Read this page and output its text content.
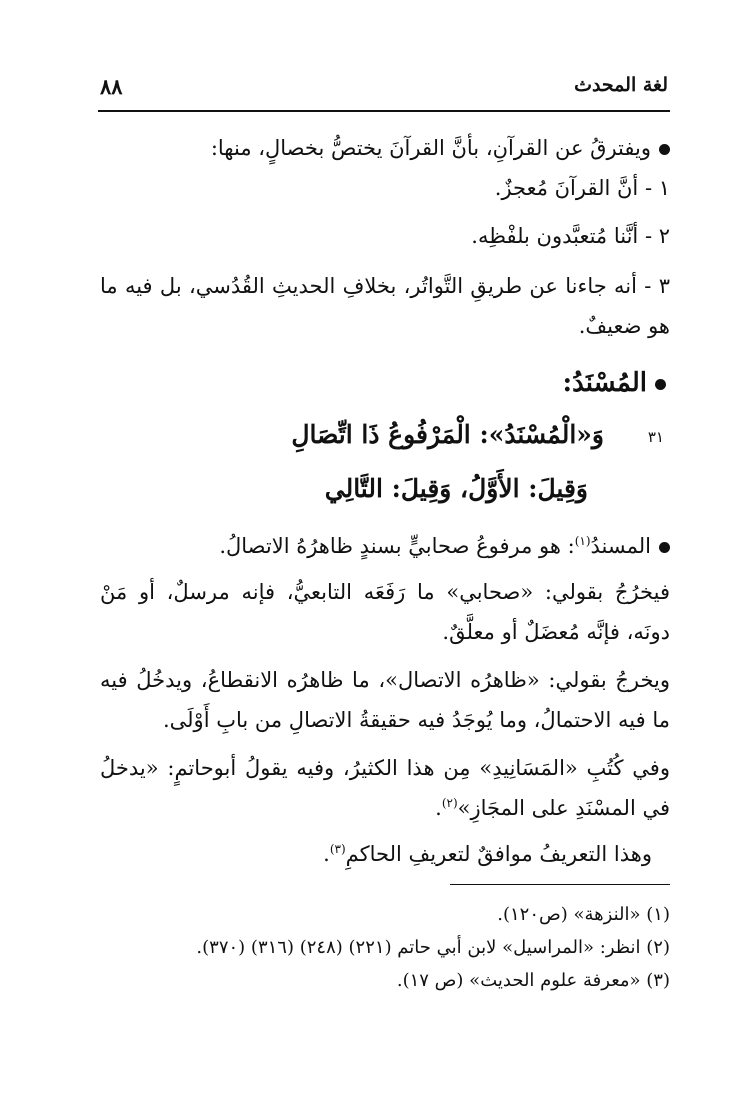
لغة المحدث
٨٨
ويفترقُ عن القرآنِ، بأنَّ القرآنَ يختصُّ بخصالٍ، منها:
١ - أنَّ القرآنَ مُعجزٌ.
٢ - أنَّنا مُتعبَّدون بلفْظِه.
٣ - أنه جاءنا عن طريقِ التَّواتُر، بخلافِ الحديثِ القُدُسي، بل فيه ما هو ضعيفٌ.
المُسْنَدُ:
٣١
وَ«الْمُسْنَدُ»: الْمَرْفُوعُ ذَا اتِّصَالِ
وَقِيلَ: الأَوَّلُ، وَقِيلَ: التَّالِي
المسندُ$^{(١)}$: هو مرفوعُ صحابيٍّ بسندٍ ظاهرُهُ الاتصالُ.
فيخرُجُ بقولي: «صحابي» ما رَفَعَه التابعيُّ، فإنه مرسلٌ، أو مَنْ دونَه، فإنَّه مُعضَلٌ أو معلَّقٌ.
ويخرجُ بقولي: «ظاهرُه الاتصال»، ما ظاهرُه الانقطاعُ، ويدخُلُ فيه ما فيه الاحتمالُ، وما يُوجَدُ فيه حقيقةُ الاتصالِ من بابِ أَوْلَى.
وفي كُتُبِ «المَسَانِيدِ» مِن هذا الكثيرُ، وفيه يقولُ أبوحاتمٍ: «يدخلُ في المسْنَدِ على المجَازِ»$^{(٢)}$.
وهذا التعريفُ موافقٌ لتعريفِ الحاكمِ$^{(٣)}$.
(١) «النزهة» (ص١٢٠).
(٢) انظر: «المراسيل» لابن أبي حاتم (٢٢١) (٢٤٨) (٣١٦) (٣٧٠).
(٣) «معرفة علوم الحديث» (ص ١٧).
